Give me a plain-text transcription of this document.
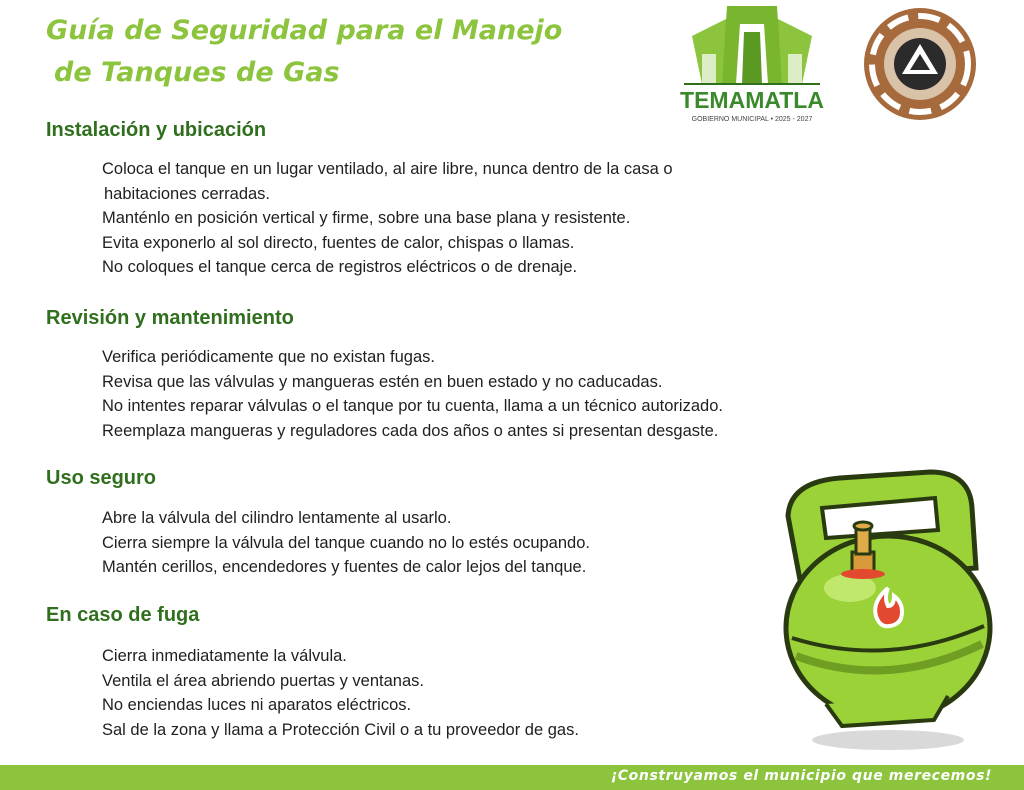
Guía de Seguridad para el Manejo
de Tanques de Gas
TEMAMATLA
GOBIERNO MUNICIPAL • 2025 - 2027
Instalación y ubicación
Coloca el tanque en un lugar ventilado, al aire libre, nunca dentro de la casa o
habitaciones cerradas.
Manténlo en posición vertical y firme, sobre una base plana y resistente.
Evita exponerlo al sol directo, fuentes de calor, chispas o llamas.
No coloques el tanque cerca de registros eléctricos o de drenaje.
Revisión y mantenimiento
Verifica periódicamente que no existan fugas.
Revisa que las válvulas y mangueras estén en buen estado y no caducadas.
No intentes reparar válvulas o el tanque por tu cuenta, llama a un técnico autorizado.
Reemplaza mangueras y reguladores cada dos años o antes si presentan desgaste.
Uso seguro
Abre la válvula del cilindro lentamente al usarlo.
Cierra siempre la válvula del tanque cuando no lo estés ocupando.
Mantén cerillos, encendedores y fuentes de calor lejos del tanque.
En caso de fuga
Cierra inmediatamente la válvula.
Ventila el área abriendo puertas y ventanas.
No enciendas luces ni aparatos eléctricos.
Sal de la zona y llama a Protección Civil o a tu proveedor de gas.
¡Construyamos el municipio que merecemos!
